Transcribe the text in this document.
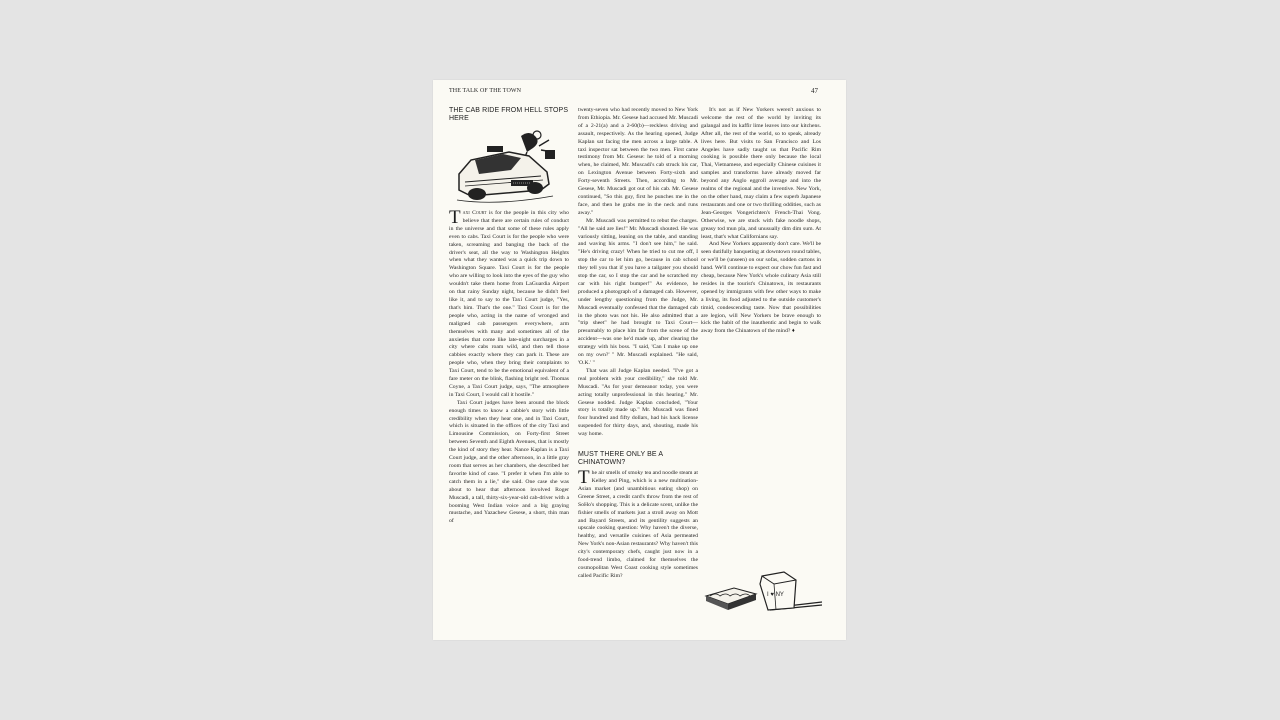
THE TALK OF THE TOWN	47
THE CAB RIDE FROM HELL STOPS HERE

Taxi Court is for the people in this city who believe that there are certain rules of conduct in the universe and that some of these rules apply even to cabs. Taxi Court is for the people who were taken, screaming and banging the back of the driver's seat, all the way to Washington Heights when what they wanted was a quick trip down to Washington Square. Taxi Court is for the people who are willing to look into the eyes of the guy who wouldn't take them home from LaGuardia Airport on that rainy Sunday night, because he didn't feel like it, and to say to the Taxi Court judge, "Yes, that's him. That's the one." Taxi Court is for the people who, acting in the name of wronged and maligned cab passengers everywhere, arm themselves with many and sometimes all of the anxieties that come like late-night surcharges in a city where cabs roam wild, and then tell those cabbies exactly where they can park it. These are people who, when they bring their complaints to Taxi Court, tend to be the emotional equivalent of a fare meter on the blink, flashing bright red. Thomas Coyne, a Taxi Court judge, says, "The atmosphere in Taxi Court, I would call it hostile."

Taxi Court judges have been around the block enough times to know a cabbie's story with little credibility when they hear one, and in Taxi Court, which is situated in the offices of the city Taxi and Limousine Commission, on Forty-first Street between Seventh and Eighth Avenues, that is mostly the kind of story they hear. Nance Kaplan is a Taxi Court judge, and the other afternoon, in a little gray room that serves as her chambers, she described her favorite kind of case. "I prefer it when I'm able to catch them in a lie," she said. One case she was about to hear that afternoon involved Roger Muscadi, a tall, thirty-six-year-old cab-driver with a booming West Indian voice and a big graying mustache, and Yazachew Gesese, a short, thin man of

twenty-seven who had recently moved to New York from Ethiopia. Mr. Gesese had accused Mr. Muscadi of a 2-21(a) and a 2-60(b)—reckless driving and assault, respectively. As the hearing opened, Judge Kaplan sat facing the men across a large table. A taxi inspector sat between the two men. First came testimony from Mr. Gesese: he told of a morning when, he claimed, Mr. Muscadi's cab struck his car, on Lexington Avenue between Forty-sixth and Forty-seventh Streets. Then, according to Mr. Gesese, Mr. Muscadi got out of his cab. Mr. Gesese continued, "So this guy, first he punches me in the face, and then he grabs me in the neck and runs away."

Mr. Muscadi was permitted to rebut the charges. "All he said are lies!" Mr. Muscadi shouted. He was variously sitting, leaning on the table, and standing and waving his arms. "I don't see him," he said. "He's driving crazy! When he tried to cut me off, I stop the car to let him go, because in cab school they tell you that if you have a tailgater you should stop the car, so I stop the car and he scratched my car with his right bumper!" As evidence, he produced a photograph of a damaged cab. However, under lengthy questioning from the Judge, Mr. Muscadi eventually confessed that the damaged cab in the photo was not his. He also admitted that a "trip sheet" he had brought to Taxi Court—presumably to place him far from the scene of the accident—was one he'd made up, after clearing the strategy with his boss. "I said, 'Can I make up one on my own?' " Mr. Muscadi explained. "He said, 'O.K.' "

That was all Judge Kaplan needed. "I've got a real problem with your credibility," she told Mr. Muscadi. "As for your demeanor today, you were acting totally unprofessional in this hearing." Mr. Gesese nodded. Judge Kaplan concluded, "Your story is totally made up." Mr. Muscadi was fined four hundred and fifty dollars, had his hack license suspended for thirty days, and, shouting, made his way home.

MUST THERE ONLY BE A CHINATOWN?

The air smells of smoky tea and noodle steam at Kelley and Ping, which is a new multination-Asian market (and unambitious eating shop) on Greene Street, a credit card's throw from the rest of SoHo's shopping. This is a delicate scent, unlike the fishier smells of markets just a stroll away on Mott and Bayard Streets, and its gentility suggests an upscale cooking question: Why haven't the diverse, healthy, and versatile cuisines of Asia permeated New York's non-Asian restaurants? Why haven't this city's contemporary chefs, caught just now in a food-trend limbo, claimed for themselves the cosmopolitan West Coast cooking style sometimes called Pacific Rim?

It's not as if New Yorkers weren't anxious to welcome the rest of the world by inviting its galangal and its kaffir lime leaves into our kitchens. After all, the rest of the world, so to speak, already lives here. But visits to San Francisco and Los Angeles have sadly taught us that Pacific Rim cooking is possible there only because the local Thai, Vietnamese, and especially Chinese cuisines it samples and transforms have already moved far beyond any Anglo eggroll average and into the realms of the regional and the inventive. New York, on the other hand, may claim a few superb Japanese restaurants and one or two thrilling oddities, such as Jean-Georges Vongerichten's French-Thai Vong. Otherwise, we are stuck with fake noodle shops, greasy tod mun pla, and unusually dim dim sum. At least, that's what Californians say.

And New Yorkers apparently don't care. We'll be seen dutifully banqueting at downtown round tables, or we'll be (unseen) on our sofas, sodden cartons in hand. We'll continue to expect our chow fun fast and cheap, because New York's whole culinary Asia still resides in the tourist's Chinatown, its restaurants opened by immigrants with few other ways to make a living, its food adjusted to the outside customer's timid, condescending taste. Now that possibilities are legion, will New Yorkers be brave enough to kick the habit of the inauthentic and begin to walk away from the Chinatown of the mind? ♦

I ♥ NY
